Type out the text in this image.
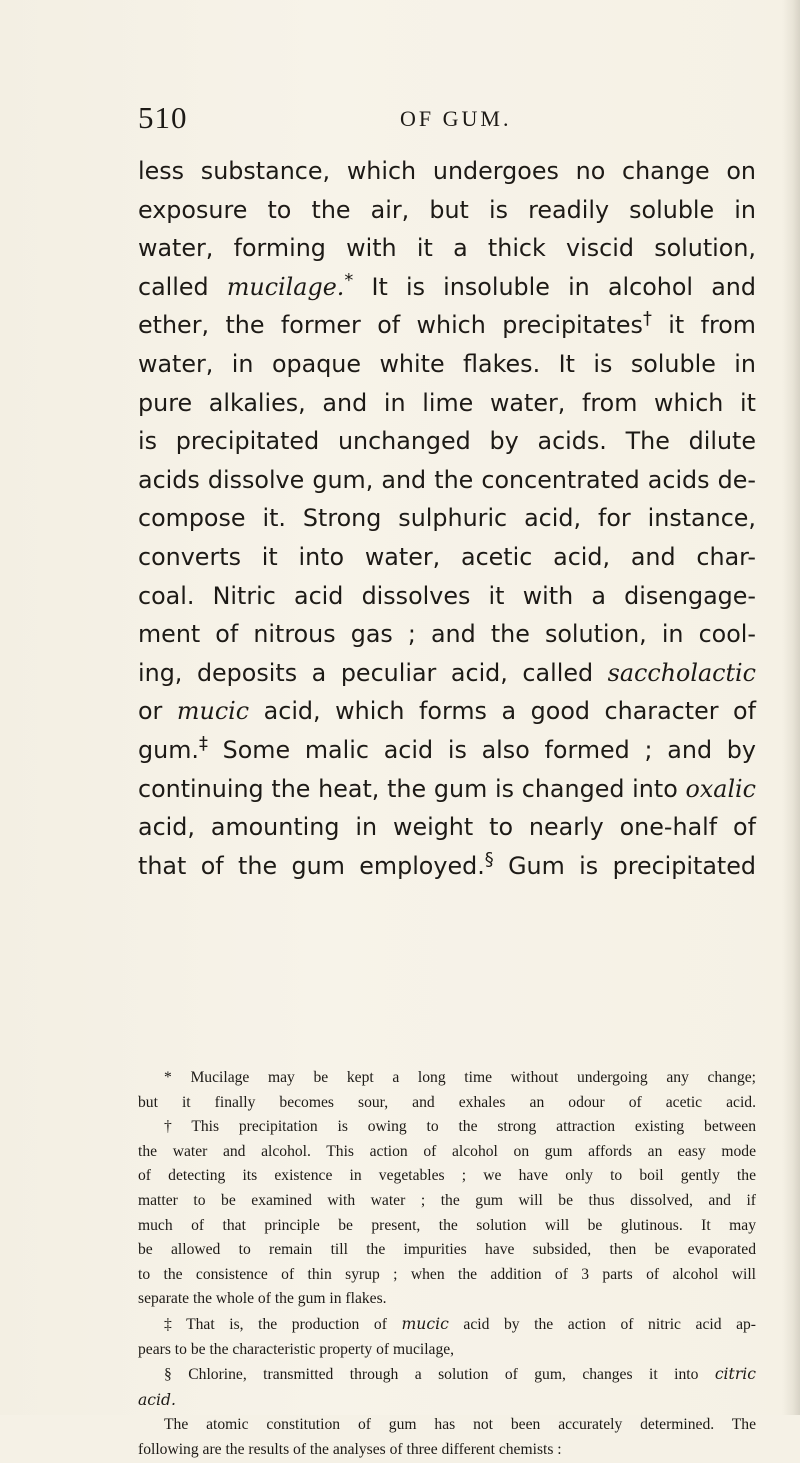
510	OF GUM.
less substance, which undergoes no change on
exposure to the air, but is readily soluble in
water, forming with it a thick viscid solution,
called mucilage.* It is insoluble in alcohol and
ether, the former of which precipitates† it from
water, in opaque white flakes. It is soluble in
pure alkalies, and in lime water, from which it
is precipitated unchanged by acids. The dilute
acids dissolve gum, and the concentrated acids de-
compose it. Strong sulphuric acid, for instance,
converts it into water, acetic acid, and char-
coal. Nitric acid dissolves it with a disengage-
ment of nitrous gas ; and the solution, in cool-
ing, deposits a peculiar acid, called saccholactic
or mucic acid, which forms a good character of
gum.‡ Some malic acid is also formed ; and by
continuing the heat, the gum is changed into oxalic
acid, amounting in weight to nearly one-half of
that of the gum employed.§ Gum is precipitated
* Mucilage may be kept a long time without undergoing any change;
but it finally becomes sour, and exhales an odour of acetic acid.
† This precipitation is owing to the strong attraction existing between
the water and alcohol. This action of alcohol on gum affords an easy mode
of detecting its existence in vegetables ; we have only to boil gently the
matter to be examined with water ; the gum will be thus dissolved, and if
much of that principle be present, the solution will be glutinous. It may
be allowed to remain till the impurities have subsided, then be evaporated
to the consistence of thin syrup ; when the addition of 3 parts of alcohol will
separate the whole of the gum in flakes.
‡ That is, the production of mucic acid by the action of nitric acid ap-
pears to be the characteristic property of mucilage,
§ Chlorine, transmitted through a solution of gum, changes it into citric
acid.
The atomic constitution of gum has not been accurately determined. The
following are the results of the analyses of three different chemists :
